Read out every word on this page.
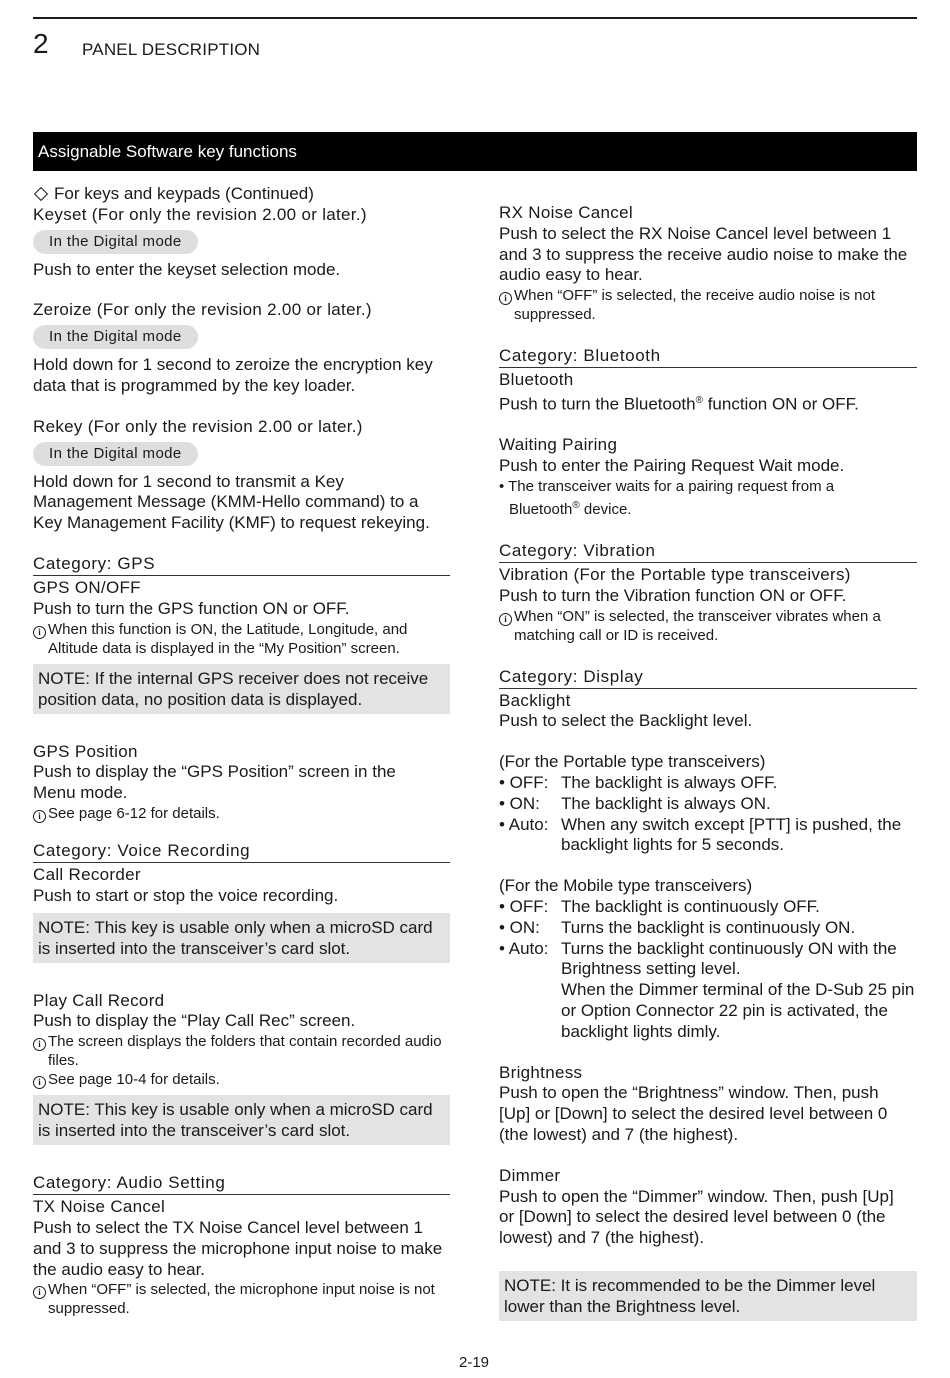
2 PANEL DESCRIPTION
Assignable Software key functions
For keys and keypads (Continued)
Keyset (For only the revision 2.00 or later.)
In the Digital mode
Push to enter the keyset selection mode.
Zeroize (For only the revision 2.00 or later.)
In the Digital mode
Hold down for 1 second to zeroize the encryption key
data that is programmed by the key loader.
Rekey (For only the revision 2.00 or later.)
In the Digital mode
Hold down for 1 second to transmit a Key
Management Message (KMM-Hello command) to a
Key Management Facility (KMF) to request rekeying.
Category: GPS
GPS ON/OFF
Push to turn the GPS function ON or OFF.
i When this function is ON, the Latitude, Longitude, and Altitude data is displayed in the “My Position” screen.
NOTE: If the internal GPS receiver does not receive
position data, no position data is displayed.
GPS Position
Push to display the “GPS Position” screen in the
Menu mode.
i See page 6-12 for details.
Category: Voice Recording
Call Recorder
Push to start or stop the voice recording.
NOTE: This key is usable only when a microSD card
is inserted into the transceiver’s card slot.
Play Call Record
Push to display the “Play Call Rec” screen.
i The screen displays the folders that contain recorded audio files.
i See page 10-4 for details.
NOTE: This key is usable only when a microSD card
is inserted into the transceiver’s card slot.
Category: Audio Setting
TX Noise Cancel
Push to select the TX Noise Cancel level between 1
and 3 to suppress the microphone input noise to make
the audio easy to hear.
i When “OFF” is selected, the microphone input noise is not suppressed.
RX Noise Cancel
Push to select the RX Noise Cancel level between 1
and 3 to suppress the receive audio noise to make the
audio easy to hear.
i When “OFF” is selected, the receive audio noise is not suppressed.
Category: Bluetooth
Bluetooth
Push to turn the Bluetooth® function ON or OFF.
Waiting Pairing
Push to enter the Pairing Request Wait mode.
• The transceiver waits for a pairing request from a
Bluetooth® device.
Category: Vibration
Vibration (For the Portable type transceivers)
Push to turn the Vibration function ON or OFF.
i When “ON” is selected, the transceiver vibrates when a matching call or ID is received.
Category: Display
Backlight
Push to select the Backlight level.
(For the Portable type transceivers)
• OFF: The backlight is always OFF.
• ON:	The backlight is always ON.
• Auto: When any switch except [PTT] is pushed, the backlight lights for 5 seconds.
(For the Mobile type transceivers)
• OFF: The backlight is continuously OFF.
• ON:	Turns the backlight is continuously ON.
• Auto: Turns the backlight continuously ON with the Brightness setting level.
When the Dimmer terminal of the D-Sub 25 pin or Option Connector 22 pin is activated, the backlight lights dimly.
Brightness
Push to open the “Brightness” window. Then, push
[Up] or [Down] to select the desired level between 0
(the lowest) and 7 (the highest).
Dimmer
Push to open the “Dimmer” window. Then, push [Up]
or [Down] to select the desired level between 0 (the
lowest) and 7 (the highest).
NOTE: It is recommended to be the Dimmer level
lower than the Brightness level.
2-19
